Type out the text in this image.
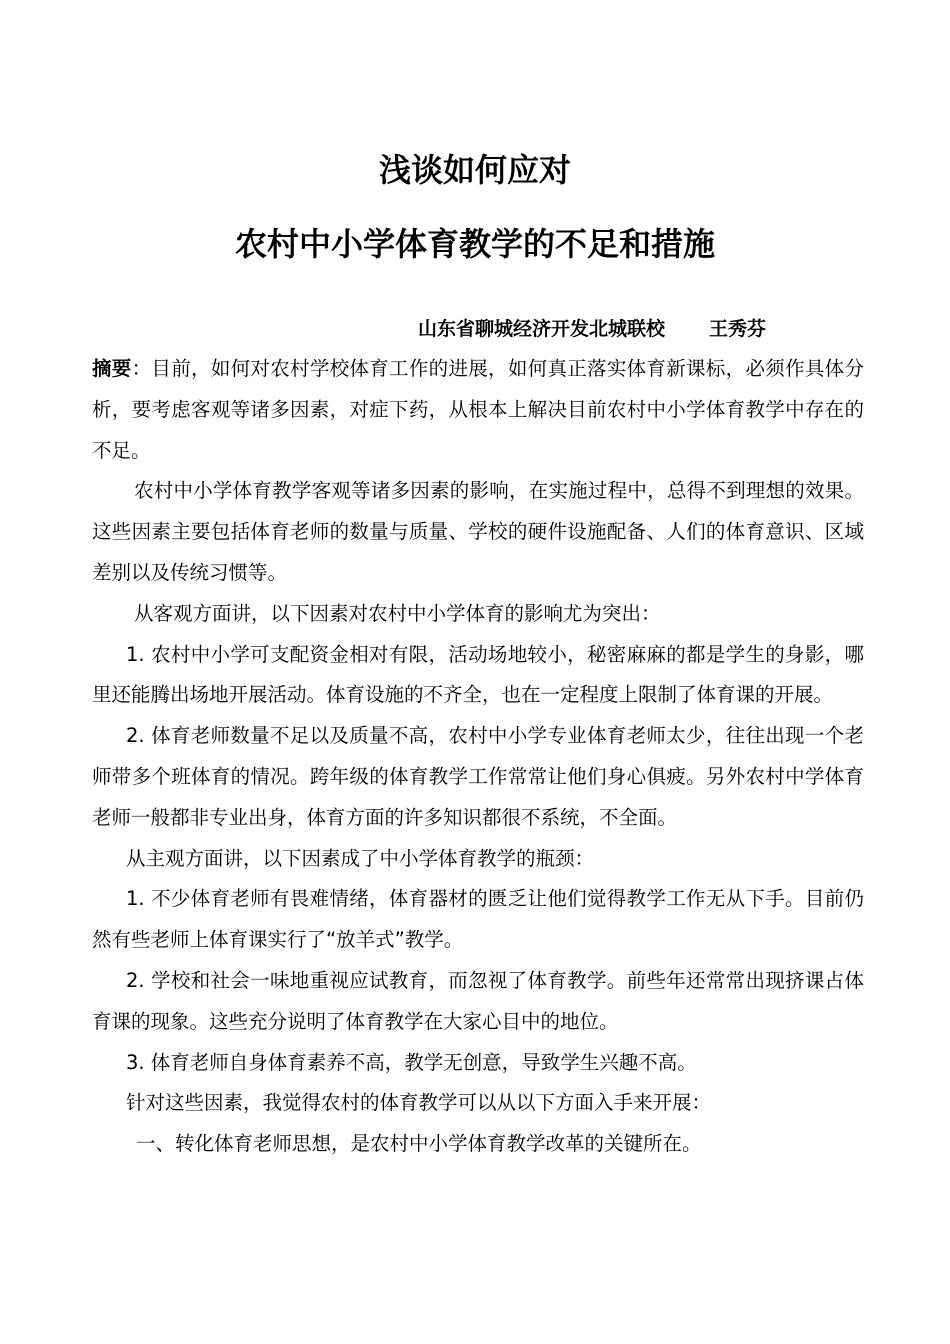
浅谈如何应对
农村中小学体育教学的不足和措施
山东省聊城经济开发北城联校 王秀芬

摘要：目前，如何对农村学校体育工作的进展，如何真正落实体育新课标，必须作具体分析，要考虑客观等诸多因素，对症下药，从根本上解决目前农村中小学体育教学中存在的不足。

农村中小学体育教学客观等诸多因素的影响，在实施过程中，总得不到理想的效果。这些因素主要包括体育老师的数量与质量、学校的硬件设施配备、人们的体育意识、区域差别以及传统习惯等。

从客观方面讲，以下因素对农村中小学体育的影响尤为突出：

1. 农村中小学可支配资金相对有限，活动场地较小，秘密麻麻的都是学生的身影，哪里还能腾出场地开展活动。体育设施的不齐全，也在一定程度上限制了体育课的开展。

2. 体育老师数量不足以及质量不高，农村中小学专业体育老师太少，往往出现一个老师带多个班体育的情况。跨年级的体育教学工作常常让他们身心俱疲。另外农村中学体育老师一般都非专业出身，体育方面的许多知识都很不系统，不全面。

从主观方面讲，以下因素成了中小学体育教学的瓶颈：

1. 不少体育老师有畏难情绪，体育器材的匮乏让他们觉得教学工作无从下手。目前仍然有些老师上体育课实行了“放羊式”教学。

2. 学校和社会一味地重视应试教育，而忽视了体育教学。前些年还常常出现挤课占体育课的现象。这些充分说明了体育教学在大家心目中的地位。

3. 体育老师自身体育素养不高，教学无创意，导致学生兴趣不高。

针对这些因素，我觉得农村的体育教学可以从以下方面入手来开展：

一、转化体育老师思想，是农村中小学体育教学改革的关键所在。
